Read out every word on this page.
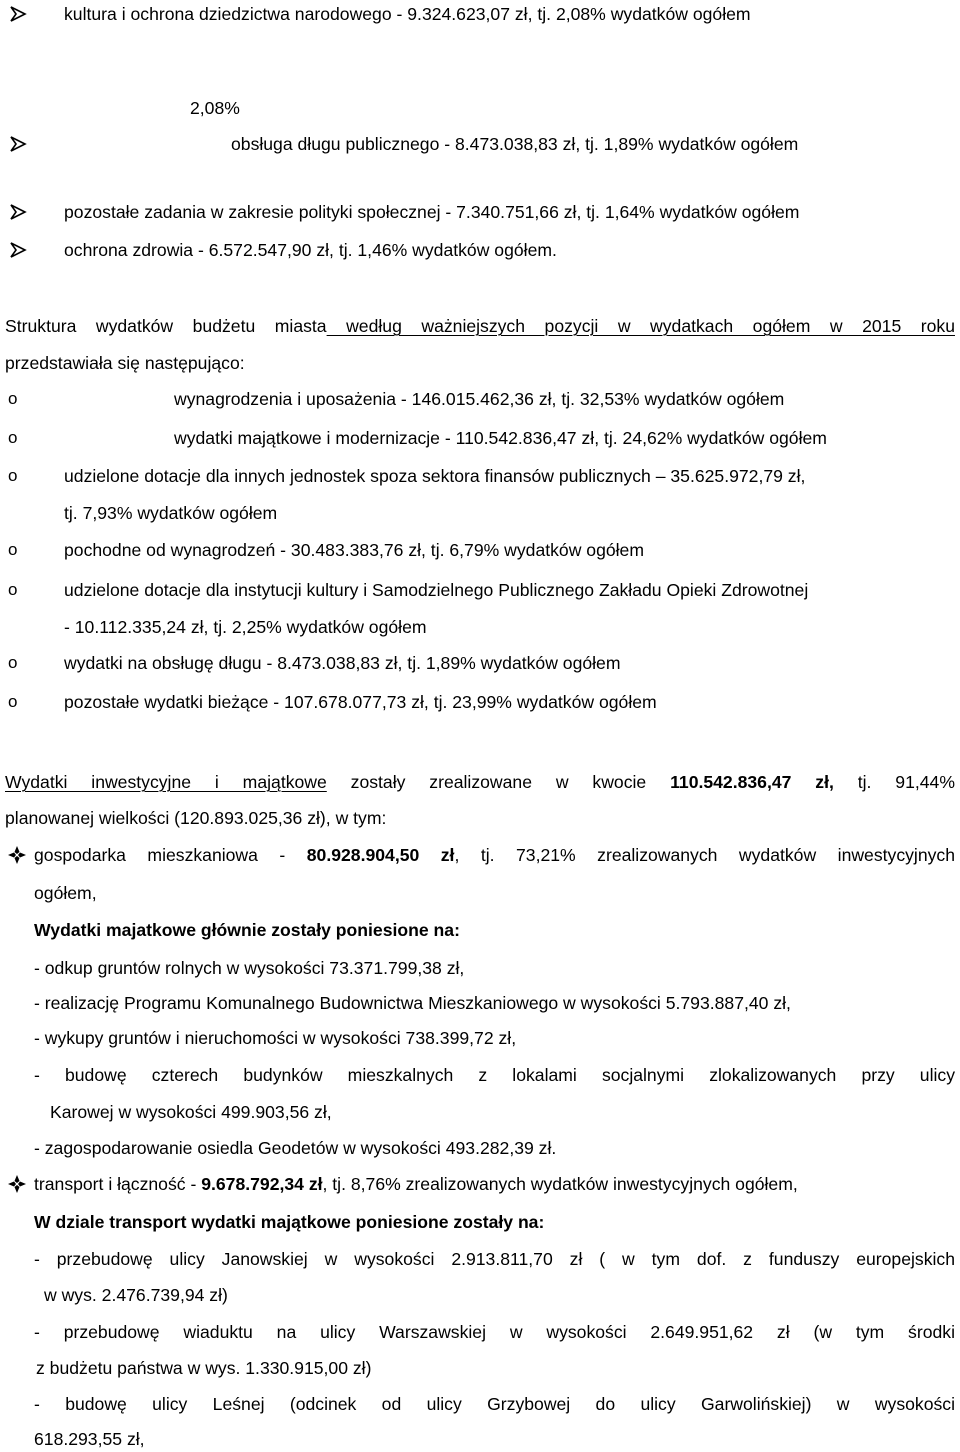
kultura i ochrona dziedzictwa narodowego - 9.324.623,07 zł, tj. 2,08% wydatków ogółem
2,08%
obsługa długu publicznego - 8.473.038,83 zł, tj. 1,89% wydatków ogółem
pozostałe zadania w zakresie polityki społecznej - 7.340.751,66 zł, tj. 1,64% wydatków ogółem
ochrona zdrowia - 6.572.547,90 zł, tj. 1,46% wydatków ogółem.
Struktura wydatków budżetu miasta według ważniejszych pozycji w wydatkach ogółem w 2015 roku
przedstawiała się następująco:
o	wynagrodzenia i uposażenia - 146.015.462,36 zł, tj. 32,53% wydatków ogółem
o	wydatki majątkowe i modernizacje - 110.542.836,47 zł, tj. 24,62% wydatków ogółem
o	udzielone dotacje dla innych jednostek spoza sektora finansów publicznych – 35.625.972,79 zł,
tj. 7,93% wydatków ogółem
o	pochodne od wynagrodzeń - 30.483.383,76 zł, tj. 6,79% wydatków ogółem
o	udzielone dotacje dla instytucji kultury i Samodzielnego Publicznego Zakładu Opieki Zdrowotnej
- 10.112.335,24 zł, tj. 2,25% wydatków ogółem
o	wydatki na obsługę długu - 8.473.038,83 zł, tj. 1,89% wydatków ogółem
o	pozostałe wydatki bieżące - 107.678.077,73 zł, tj. 23,99% wydatków ogółem
Wydatki inwestycyjne i majątkowe zostały zrealizowane w kwocie 110.542.836,47 zł, tj. 91,44%
planowanej wielkości (120.893.025,36 zł), w tym:
gospodarka mieszkaniowa - 80.928.904,50 zł, tj. 73,21% zrealizowanych wydatków inwestycyjnych
ogółem,
Wydatki majatkowe głównie zostały poniesione na:
- odkup gruntów rolnych w wysokości 73.371.799,38 zł,
- realizację Programu Komunalnego Budownictwa Mieszkaniowego w wysokości 5.793.887,40 zł,
- wykupy gruntów i nieruchomości w wysokości 738.399,72 zł,
- budowę czterech budynków mieszkalnych z lokalami socjalnymi zlokalizowanych przy ulicy
Karowej w wysokości 499.903,56 zł,
- zagospodarowanie osiedla Geodetów w wysokości 493.282,39 zł.
transport i łączność - 9.678.792,34 zł, tj. 8,76% zrealizowanych wydatków inwestycyjnych ogółem,
W dziale transport wydatki majątkowe poniesione zostały na:
- przebudowę ulicy Janowskiej w wysokości 2.913.811,70 zł ( w tym dof. z funduszy europejskich
w wys. 2.476.739,94 zł)
- przebudowę wiaduktu na ulicy Warszawskiej w wysokości 2.649.951,62 zł (w tym środki
z budżetu państwa w wys. 1.330.915,00 zł)
- budowę ulicy Leśnej (odcinek od ulicy Grzybowej do ulicy Garwolińskiej) w wysokości
618.293,55 zł,
